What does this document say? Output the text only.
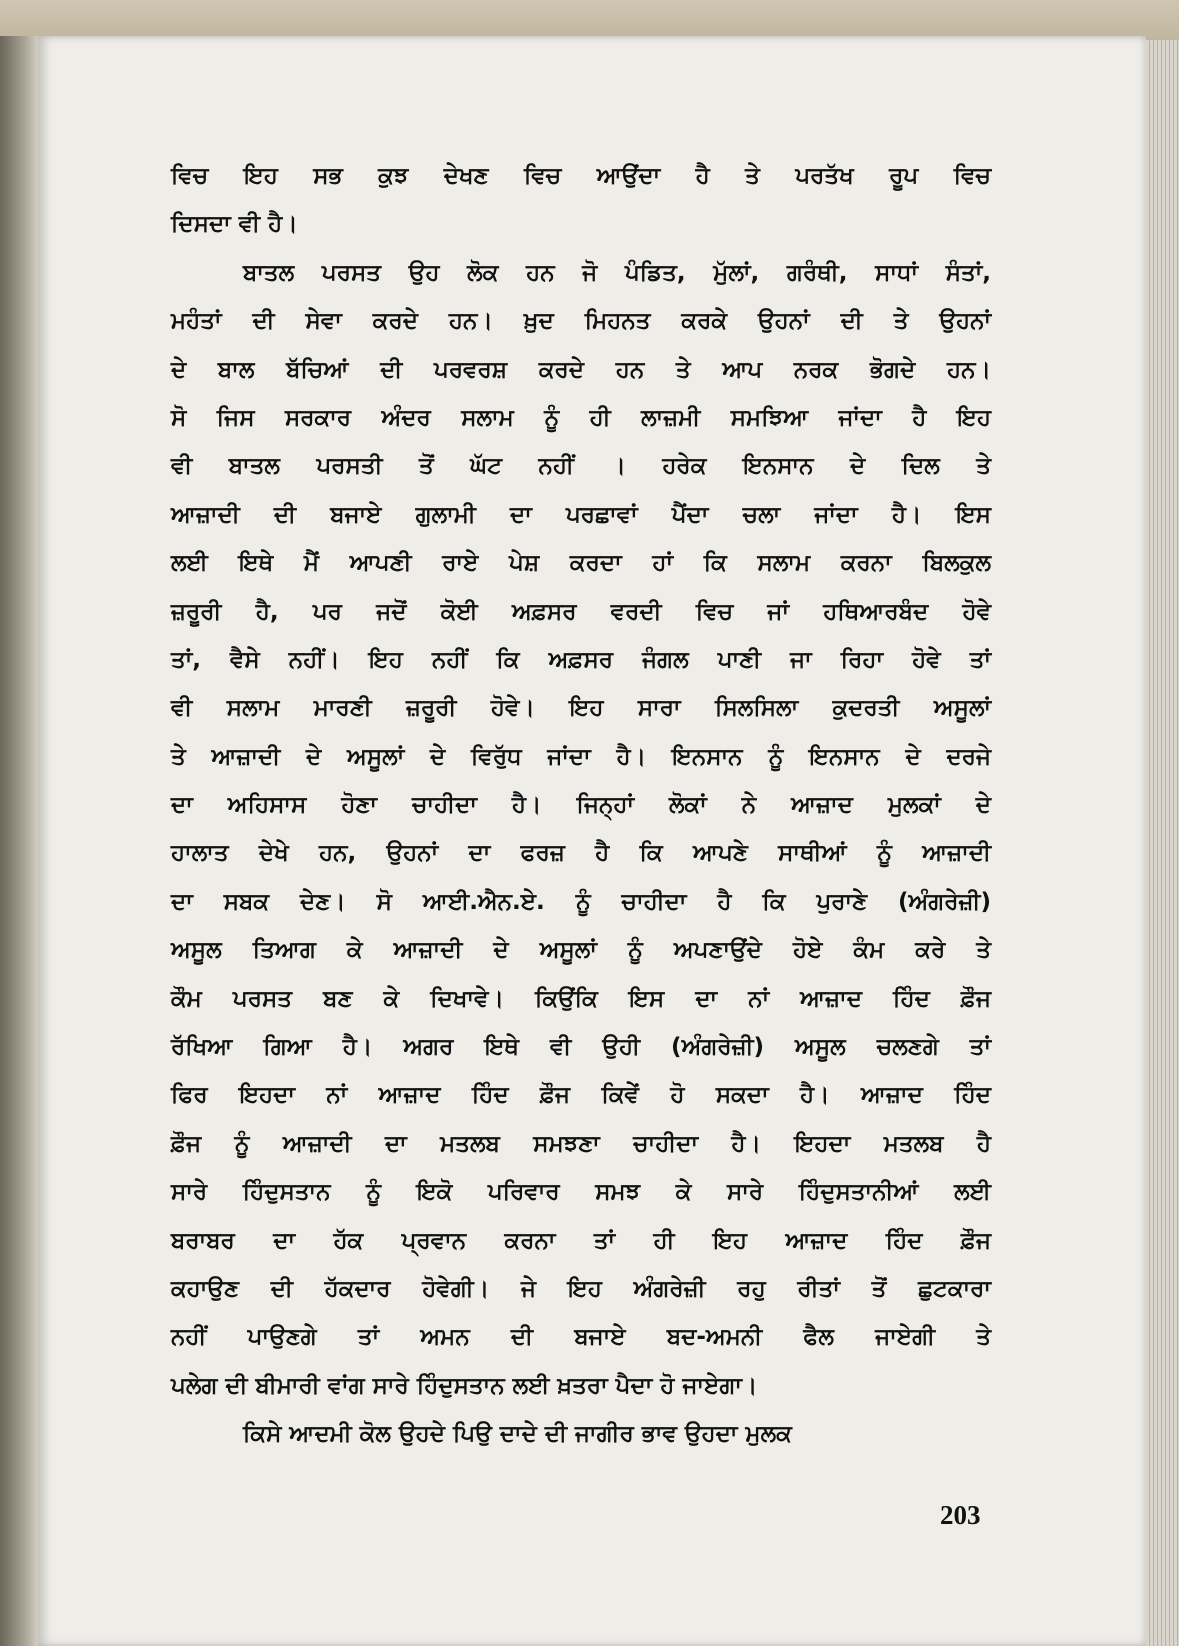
ਵਿਚ ਇਹ ਸਭ ਕੁਝ ਦੇਖਣ ਵਿਚ ਆਉਂਦਾ ਹੈ ਤੇ ਪਰਤੱਖ ਰੂਪ ਵਿਚ
ਦਿਸਦਾ ਵੀ ਹੈ।
ਬਾਤਲ ਪਰਸਤ ਉਹ ਲੋਕ ਹਨ ਜੋ ਪੰਡਿਤ, ਮੁੱਲਾਂ, ਗਰੰਥੀ, ਸਾਧਾਂ ਸੰਤਾਂ,
ਮਹੰਤਾਂ ਦੀ ਸੇਵਾ ਕਰਦੇ ਹਨ। ਖ਼ੁਦ ਮਿਹਨਤ ਕਰਕੇ ਉਹਨਾਂ ਦੀ ਤੇ ਉਹਨਾਂ
ਦੇ ਬਾਲ ਬੱਚਿਆਂ ਦੀ ਪਰਵਰਸ਼ ਕਰਦੇ ਹਨ ਤੇ ਆਪ ਨਰਕ ਭੋਗਦੇ ਹਨ।
ਸੋ ਜਿਸ ਸਰਕਾਰ ਅੰਦਰ ਸਲਾਮ ਨੂੰ ਹੀ ਲਾਜ਼ਮੀ ਸਮਝਿਆ ਜਾਂਦਾ ਹੈ ਇਹ
ਵੀ ਬਾਤਲ ਪਰਸਤੀ ਤੋਂ ਘੱਟ ਨਹੀਂ । ਹਰੇਕ ਇਨਸਾਨ ਦੇ ਦਿਲ ਤੇ
ਆਜ਼ਾਦੀ ਦੀ ਬਜਾਏ ਗੁਲਾਮੀ ਦਾ ਪਰਛਾਵਾਂ ਪੈਂਦਾ ਚਲਾ ਜਾਂਦਾ ਹੈ। ਇਸ
ਲਈ ਇਥੇ ਮੈਂ ਆਪਣੀ ਰਾਏ ਪੇਸ਼ ਕਰਦਾ ਹਾਂ ਕਿ ਸਲਾਮ ਕਰਨਾ ਬਿਲਕੁਲ
ਜ਼ਰੂਰੀ ਹੈ, ਪਰ ਜਦੋਂ ਕੋਈ ਅਫ਼ਸਰ ਵਰਦੀ ਵਿਚ ਜਾਂ ਹਥਿਆਰਬੰਦ ਹੋਵੇ
ਤਾਂ, ਵੈਸੇ ਨਹੀਂ। ਇਹ ਨਹੀਂ ਕਿ ਅਫ਼ਸਰ ਜੰਗਲ ਪਾਣੀ ਜਾ ਰਿਹਾ ਹੋਵੇ ਤਾਂ
ਵੀ ਸਲਾਮ ਮਾਰਣੀ ਜ਼ਰੂਰੀ ਹੋਵੇ। ਇਹ ਸਾਰਾ ਸਿਲਸਿਲਾ ਕੁਦਰਤੀ ਅਸੂਲਾਂ
ਤੇ ਆਜ਼ਾਦੀ ਦੇ ਅਸੂਲਾਂ ਦੇ ਵਿਰੁੱਧ ਜਾਂਦਾ ਹੈ। ਇਨਸਾਨ ਨੂੰ ਇਨਸਾਨ ਦੇ ਦਰਜੇ
ਦਾ ਅਹਿਸਾਸ ਹੋਣਾ ਚਾਹੀਦਾ ਹੈ। ਜਿਨ੍ਹਾਂ ਲੋਕਾਂ ਨੇ ਆਜ਼ਾਦ ਮੁਲਕਾਂ ਦੇ
ਹਾਲਾਤ ਦੇਖੇ ਹਨ, ਉਹਨਾਂ ਦਾ ਫਰਜ਼ ਹੈ ਕਿ ਆਪਣੇ ਸਾਥੀਆਂ ਨੂੰ ਆਜ਼ਾਦੀ
ਦਾ ਸਬਕ ਦੇਣ। ਸੋ ਆਈ.ਐਨ.ਏ. ਨੂੰ ਚਾਹੀਦਾ ਹੈ ਕਿ ਪੁਰਾਣੇ (ਅੰਗਰੇਜ਼ੀ)
ਅਸੂਲ ਤਿਆਗ ਕੇ ਆਜ਼ਾਦੀ ਦੇ ਅਸੂਲਾਂ ਨੂੰ ਅਪਣਾਉਂਦੇ ਹੋਏ ਕੰਮ ਕਰੇ ਤੇ
ਕੌਮ ਪਰਸਤ ਬਣ ਕੇ ਦਿਖਾਵੇ। ਕਿਉਂਕਿ ਇਸ ਦਾ ਨਾਂ ਆਜ਼ਾਦ ਹਿੰਦ ਫ਼ੌਜ
ਰੱਖਿਆ ਗਿਆ ਹੈ। ਅਗਰ ਇਥੇ ਵੀ ਉਹੀ (ਅੰਗਰੇਜ਼ੀ) ਅਸੂਲ ਚਲਣਗੇ ਤਾਂ
ਫਿਰ ਇਹਦਾ ਨਾਂ ਆਜ਼ਾਦ ਹਿੰਦ ਫ਼ੌਜ ਕਿਵੇਂ ਹੋ ਸਕਦਾ ਹੈ। ਆਜ਼ਾਦ ਹਿੰਦ
ਫ਼ੌਜ ਨੂੰ ਆਜ਼ਾਦੀ ਦਾ ਮਤਲਬ ਸਮਝਣਾ ਚਾਹੀਦਾ ਹੈ। ਇਹਦਾ ਮਤਲਬ ਹੈ
ਸਾਰੇ ਹਿੰਦੁਸਤਾਨ ਨੂੰ ਇਕੋ ਪਰਿਵਾਰ ਸਮਝ ਕੇ ਸਾਰੇ ਹਿੰਦੁਸਤਾਨੀਆਂ ਲਈ
ਬਰਾਬਰ ਦਾ ਹੱਕ ਪ੍ਰਵਾਨ ਕਰਨਾ ਤਾਂ ਹੀ ਇਹ ਆਜ਼ਾਦ ਹਿੰਦ ਫ਼ੌਜ
ਕਹਾਉਣ ਦੀ ਹੱਕਦਾਰ ਹੋਵੇਗੀ। ਜੇ ਇਹ ਅੰਗਰੇਜ਼ੀ ਰਹੁ ਰੀਤਾਂ ਤੋਂ ਛੁਟਕਾਰਾ
ਨਹੀਂ ਪਾਉਣਗੇ ਤਾਂ ਅਮਨ ਦੀ ਬਜਾਏ ਬਦ-ਅਮਨੀ ਫੈਲ ਜਾਏਗੀ ਤੇ
ਪਲੇਗ ਦੀ ਬੀਮਾਰੀ ਵਾਂਗ ਸਾਰੇ ਹਿੰਦੁਸਤਾਨ ਲਈ ਖ਼ਤਰਾ ਪੈਦਾ ਹੋ ਜਾਏਗਾ।
ਕਿਸੇ ਆਦਮੀ ਕੋਲ ਉਹਦੇ ਪਿਉ ਦਾਦੇ ਦੀ ਜਾਗੀਰ ਭਾਵ ਉਹਦਾ ਮੁਲਕ
203
